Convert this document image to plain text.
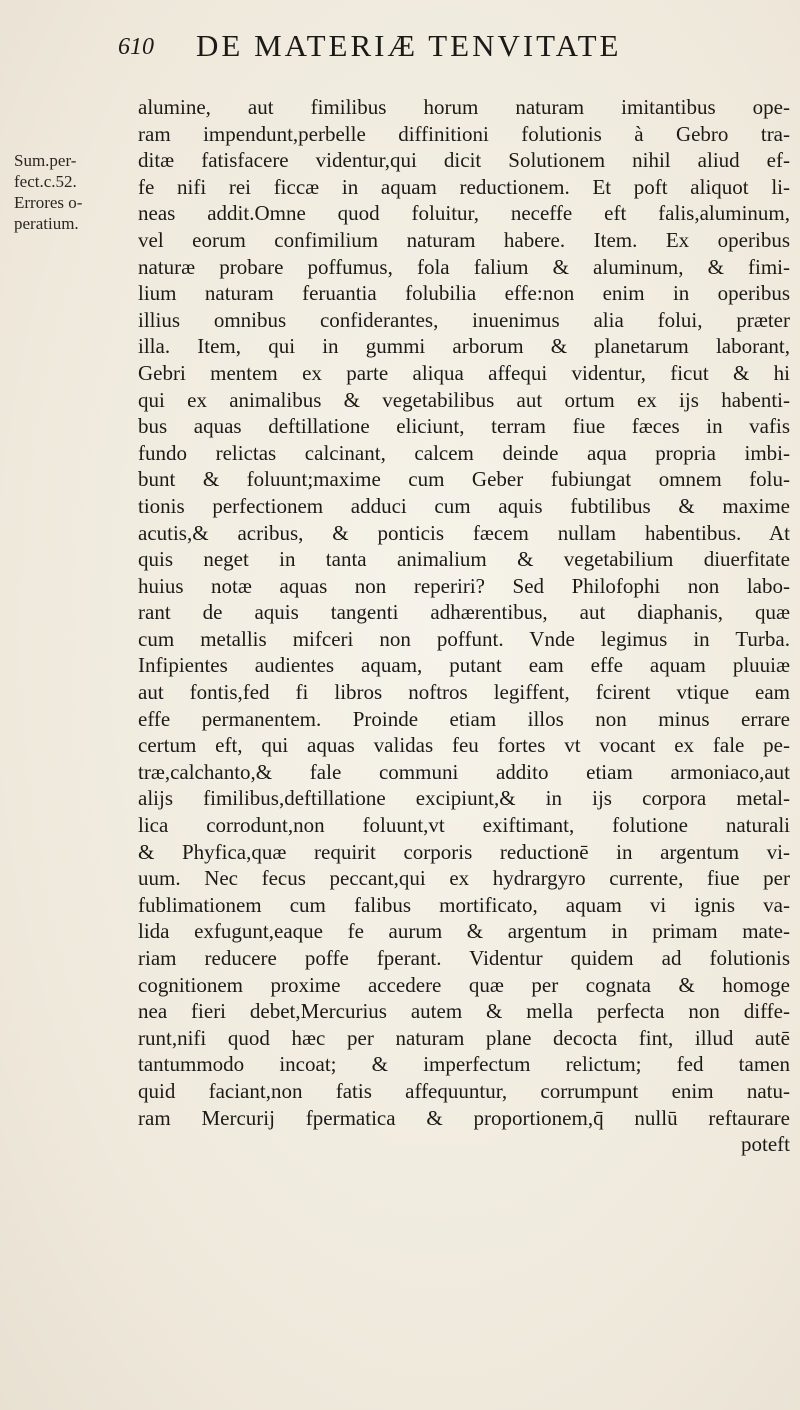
610 DE MATERIÆ TENVITATE
Sum.per-
fect.c.52.
Errores o-
peratium.
alumine, aut fimilibus horum naturam imitantibus ope-
ram impendunt,perbelle diffinitioni folutionis à Gebro tra-
ditæ fatisfacere videntur,qui dicit Solutionem nihil aliud ef-
fe nifi rei ficcæ in aquam reductionem. Et poft aliquot li-
neas addit.Omne quod foluitur, neceffe eft falis,aluminum,
vel eorum confimilium naturam habere. Item. Ex operibus
naturæ probare poffumus, fola falium & aluminum, & fimi-
lium naturam feruantia folubilia effe:non enim in operibus
illius omnibus confiderantes, inuenimus alia folui, præter
illa. Item, qui in gummi arborum & planetarum laborant,
Gebri mentem ex parte aliqua affequi videntur, ficut & hi
qui ex animalibus & vegetabilibus aut ortum ex ijs habenti-
bus aquas deftillatione eliciunt, terram fiue fæces in vafis
fundo relictas calcinant, calcem deinde aqua propria imbi-
bunt & foluunt;maxime cum Geber fubiungat omnem folu-
tionis perfectionem adduci cum aquis fubtilibus & maxime
acutis,& acribus, & ponticis fæcem nullam habentibus. At
quis neget in tanta animalium & vegetabilium diuerfitate
huius notæ aquas non reperiri? Sed Philofophi non labo-
rant de aquis tangenti adhærentibus, aut diaphanis, quæ
cum metallis mifceri non poffunt. Vnde legimus in Turba.
Infipientes audientes aquam, putant eam effe aquam pluuiæ
aut fontis,fed fi libros noftros legiffent, fcirent vtique eam
effe permanentem. Proinde etiam illos non minus errare
certum eft, qui aquas validas feu fortes vt vocant ex fale pe-
træ,calchanto,& fale communi addito etiam armoniaco,aut
alijs fimilibus,deftillatione excipiunt,& in ijs corpora metal-
lica corrodunt,non foluunt,vt exiftimant, folutione naturali
& Phyfica,quæ requirit corporis reductionē in argentum vi-
uum. Nec fecus peccant,qui ex hydrargyro currente, fiue per
fublimationem cum falibus mortificato, aquam vi ignis va-
lida exfugunt,eaque fe aurum & argentum in primam mate-
riam reducere poffe fperant. Videntur quidem ad folutionis
cognitionem proxime accedere quæ per cognata & homoge
nea fieri debet,Mercurius autem & mella perfecta non diffe-
runt,nifi quod hæc per naturam plane decocta fint, illud autē
tantummodo incoat; & imperfectum relictum; fed tamen
quid faciant,non fatis affequuntur, corrumpunt enim natu-
ram Mercurij fpermatica & proportionem,q̄ nullū reftaurare
poteft
